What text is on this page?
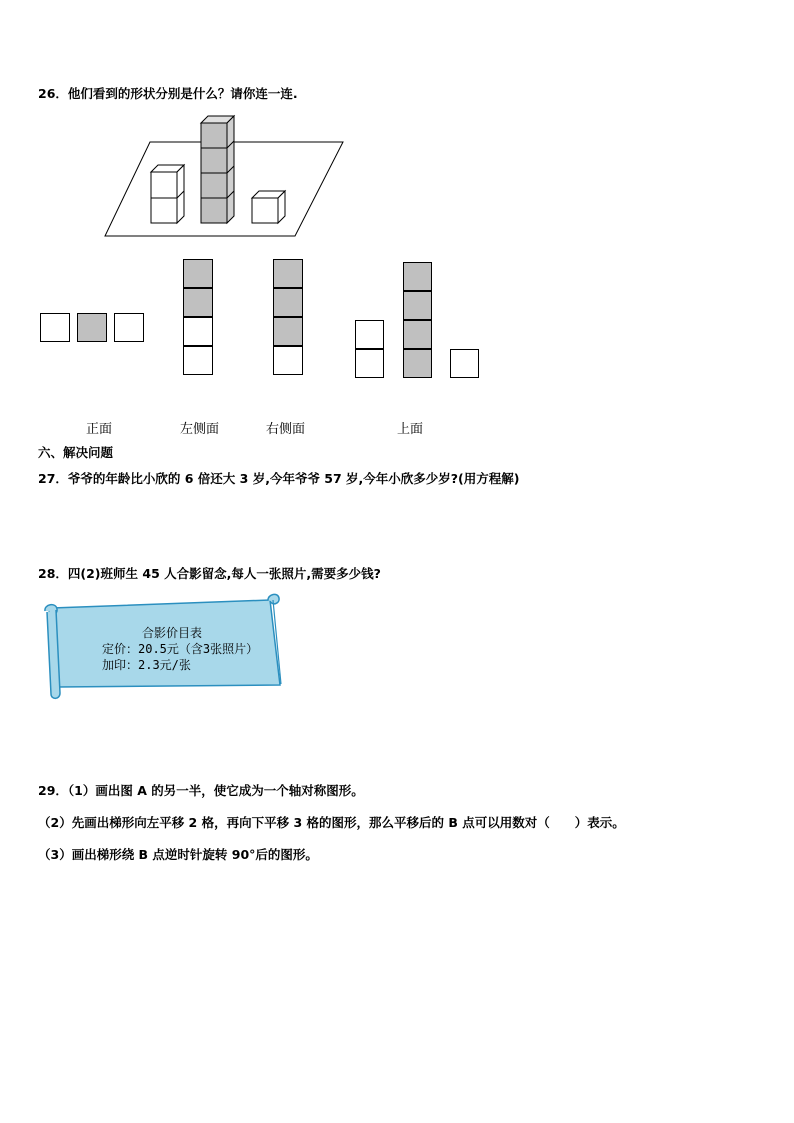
26．他们看到的形状分别是什么？请你连一连.
正面	左侧面	右侧面	上面
六、解决问题
27．爷爷的年龄比小欣的 6 倍还大 3 岁,今年爷爷 57 岁,今年小欣多少岁?(用方程解)
28．四(2)班师生 45 人合影留念,每人一张照片,需要多少钱?
合影价目表
定价：20.5元（含3张照片）
加印：2.3元/张
29．（1）画出图 A 的另一半，使它成为一个轴对称图形。
（2）先画出梯形向左平移 2 格，再向下平移 3 格的图形，那么平移后的 B 点可以用数对（　　）表示。
（3）画出梯形绕 B 点逆时针旋转 90°后的图形。
